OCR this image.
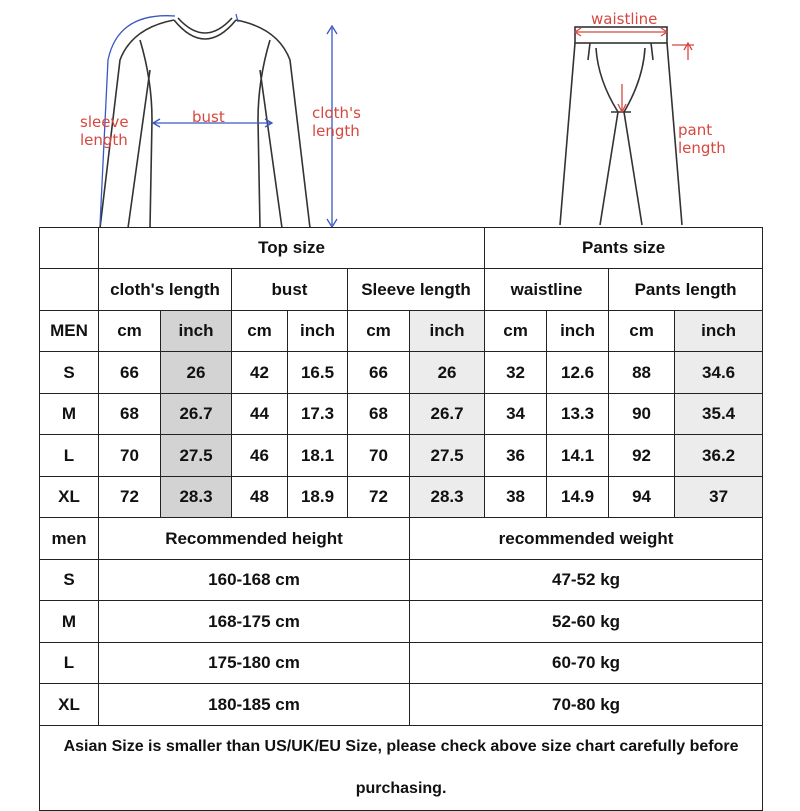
sleeve
length
bust	cloth's
length
waistline
pant
length
	Top size						Pants size			
	cloth's length		bust		Sleeve length		waistline		Pants length	
MEN	cm	inch	cm	inch	cm	inch	cm	inch	cm	inch
S	66	26	42	16.5	66	26	32	12.6	88	34.6
M	68	26.7	44	17.3	68	26.7	34	13.3	90	35.4
L	70	27.5	46	18.1	70	27.5	36	14.1	92	36.2
XL	72	28.3	48	18.9	72	28.3	38	14.9	94	37
men	Recommended height					recommended weight				
S	160-168 cm					47-52 kg				
M	168-175 cm					52-60 kg				
L	175-180 cm					60-70 kg				
XL	180-185 cm					70-80 kg				
Asian Size is smaller than US/UK/EU Size, please check above size chart carefully before purchasing.										
